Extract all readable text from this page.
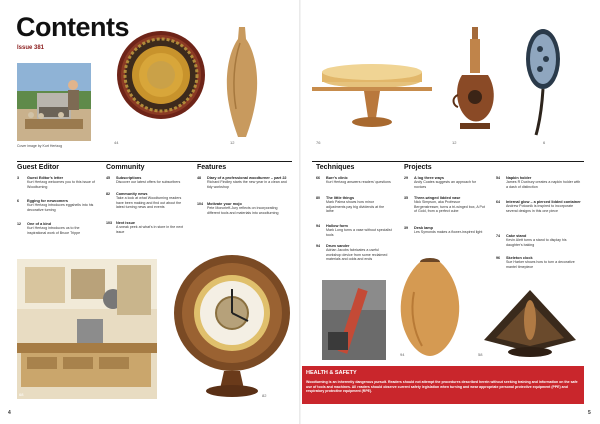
Contents
Issue 381
Cover image by Kurt Hertzog
44	12	76	12	6
Guest Editor
3	Guest Editor's letter
Kurt Hertzog welcomes you to this issue of Woodturning
6	Egging for newcomers
Kurt Hertzog introduces eggshells into his decorative turning
12	One of a kind
Kurt Hertzog introduces us to the inspirational work of Bruce Trippe
Community
45	Subscriptions
Discover our latest offers for subscribers
82	Community news
Take a look at what Woodturning readers have been making and find out about the latest turning news and events
103	Next issue
A sneak peek at what's in store in the next issue
Features
48	Diary of a professional woodturner – part 22
Richard Findley starts the new year in a clean and tidy workshop
104	Motivate your mojo
Pete Moncrieff-Jury reflects on incorporating different tools and materials into woodturning
Techniques
66	Burr's clinic
Kurt Hertzog answers readers' questions
80	The little things
Mark Palma shows how minor adjustments pay big dividends at the lathe
94	Hollow form
Mark Long turns a vase without specialist tools
94	Drum sander
Adrian Jacobs fabricates a useful workshop device from some reclaimed materials and odds and ends
Projects
29	A log three ways
Andy Coates suggests an approach for novices
35	Three-winged lidded vase
Nick Simpson, aka Professor Bergenstresser, turns a tri-winged box, A Pot of Gold, from a perfect cube
39	Desk lamp
Les Symonds makes a flower-inspired light
54	Napkin holder
James R Duxbury creates a napkin holder with a dash of distinction
64	Internal glow – a pierced lidded container
Andrew Potocnik is inspired to incorporate several designs in this one piece
74	Cake stand
Kevin Alett turns a stand to display his daughter's baking
96	Skeleton clock
Sue Harker shows how to turn a decorative mantel timepiece
68	82
94	58
HEALTH & SAFETY
Woodturning is an inherently dangerous pursuit. Readers should not attempt the procedures described herein without seeking training and information on the safe use of tools and machines. All readers should observe current safety legislation when turning and wear appropriate personal protective equipment (PPE) and respiratory protective equipment (RPE).
4	5
